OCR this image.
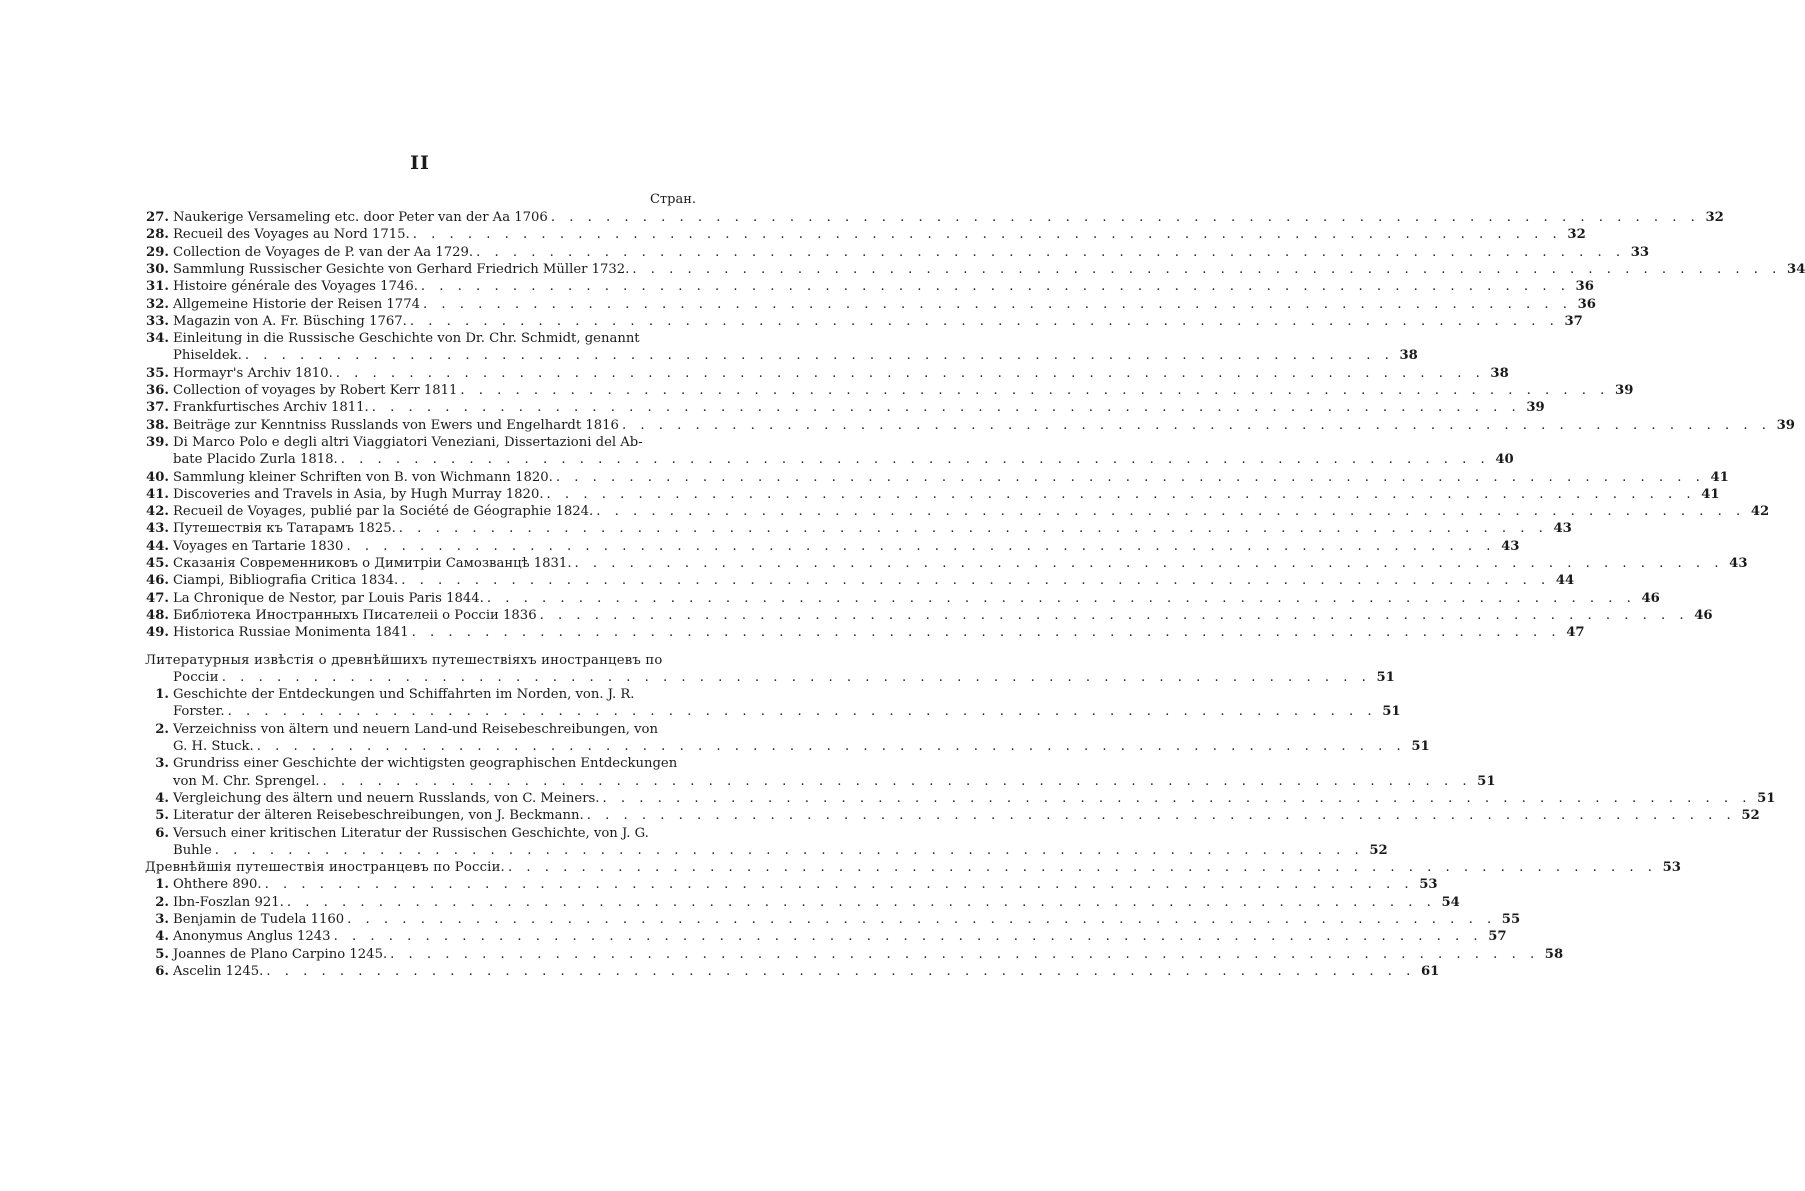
II
Стран.
27. Naukerige Versameling etc. door Peter van der Aa 1706 . . .	32
28. Recueil des Voyages au Nord 1715. . . .	32
29. Collection de Voyages de P. van der Aa 1729. . . .	33
30. Sammlung Russischer Gesichte von Gerhard Friedrich Müller 1732. . . .	34
31. Histoire générale des Voyages 1746. . . .	36
32. Allgemeine Historie der Reisen 1774 . . .	36
33. Magazin von A. Fr. Büsching 1767. . . .	37
34. Einleitung in die Russische Geschichte von Dr. Chr. Schmidt, genannt
Phiseldek. . . .	38
35. Hormayr's Archiv 1810. . . .	38
36. Collection of voyages by Robert Kerr 1811 . . .	39
37. Frankfurtisches Archiv 1811. . . .	39
38. Beiträge zur Kenntniss Russlands von Ewers und Engelhardt 1816 . . .	39
39. Di Marco Polo e degli altri Viaggiatori Veneziani, Dissertazioni del Ab-
bate Placido Zurla 1818. . . .	40
40. Sammlung kleiner Schriften von B. von Wichmann 1820. . . .	41
41. Discoveries and Travels in Asia, by Hugh Murray 1820. . . .	41
42. Recueil de Voyages, publié par la Société de Géographie 1824. . . .	42
43. Путешествія къ Татарамъ 1825. . . .	43
44. Voyages en Tartarie 1830 . . .	43
45. Сказанія Современниковъ о Димитріи Самозванцѣ 1831. . . .	43
46. Ciampi, Bibliografia Critica 1834. . . .	44
47. La Chronique de Nestor, par Louis Paris 1844. . . .	46
48. Библіотека Иностранныхъ Писателеіі о Россіи 1836 . . .	46
49. Historica Russiae Monimenta 1841 . . .	47
Литературныя извѣстія о древнѣйшихъ путешествіяхъ иностранцевъ по
Россіи . . .	51
1. Geschichte der Entdeckungen und Schiffahrten im Norden, von. J. R.
Forster. . . .	51
2. Verzeichniss von ältern und neuern Land-und Reisebeschreibungen, von
G. H. Stuck. . . .	51
3. Grundriss einer Geschichte der wichtigsten geographischen Entdeckungen
von M. Chr. Sprengel. . . .	51
4. Vergleichung des ältern und neuern Russlands, von C. Meiners. . . .	51
5. Literatur der älteren Reisebeschreibungen, von J. Beckmann. . . .	52
6. Versuch einer kritischen Literatur der Russischen Geschichte, von J. G.
Buhle . . .	52
Древнѣйшія путешествія иностранцевъ по Россіи. . . .	53
1. Ohthere 890. . . .	53
2. Ibn-Foszlan 921. . . .	54
3. Benjamin de Tudela 1160 . . .	55
4. Anonymus Anglus 1243 . . .	57
5. Joannes de Plano Carpino 1245. . . .	58
6. Ascelin 1245. . . .	61
